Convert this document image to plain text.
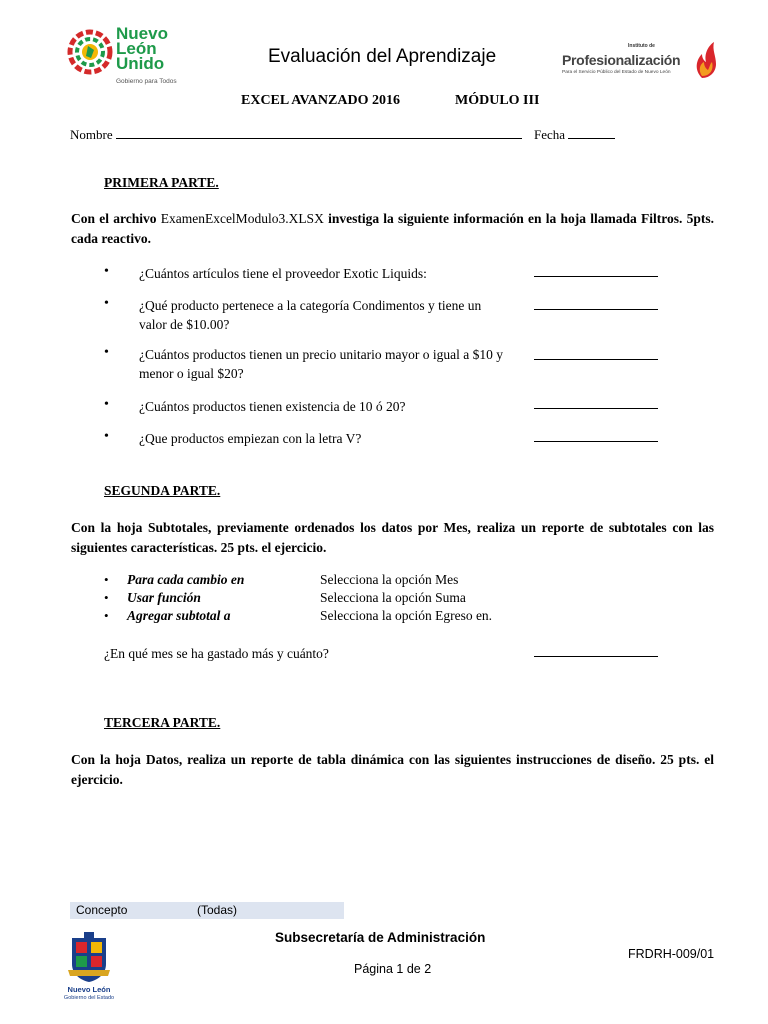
Nuevo
León
Unido
Gobierno para Todos
Evaluación del Aprendizaje	Instituto de
Profesionalización
Para el Servicio Público del Estado de Nuevo León
EXCEL AVANZADO 2016	MÓDULO III
Nombre	Fecha
PRIMERA PARTE.
Con el archivo ExamenExcelModulo3.XLSX investiga la siguiente información en la hoja llamada Filtros. 5pts. cada reactivo.
• ¿Cuántos artículos tiene el proveedor Exotic Liquids:
• ¿Qué producto pertenece a la categoría Condimentos y tiene un
valor de $10.00?
• ¿Cuántos productos tienen un precio unitario mayor o igual a $10 y
menor o igual $20?
• ¿Cuántos productos tienen existencia de 10 ó 20?
• ¿Que productos empiezan con la letra V?
SEGUNDA PARTE.
Con la hoja Subtotales, previamente ordenados los datos por Mes, realiza un reporte de subtotales con las siguientes características. 25 pts. el ejercicio.
• Para cada cambio en	Selecciona la opción Mes
• Usar función	Selecciona la opción Suma
• Agregar subtotal a	Selecciona la opción Egreso en.
¿En qué mes se ha gastado más y cuánto?
TERCERA PARTE.
Con la hoja Datos, realiza un reporte de tabla dinámica con las siguientes instrucciones de diseño. 25 pts. el ejercicio.
Concepto	(Todas)
Nuevo León
Gobierno del Estado
Subsecretaría de Administración
FRDRH-009/01
Página 1 de 2
